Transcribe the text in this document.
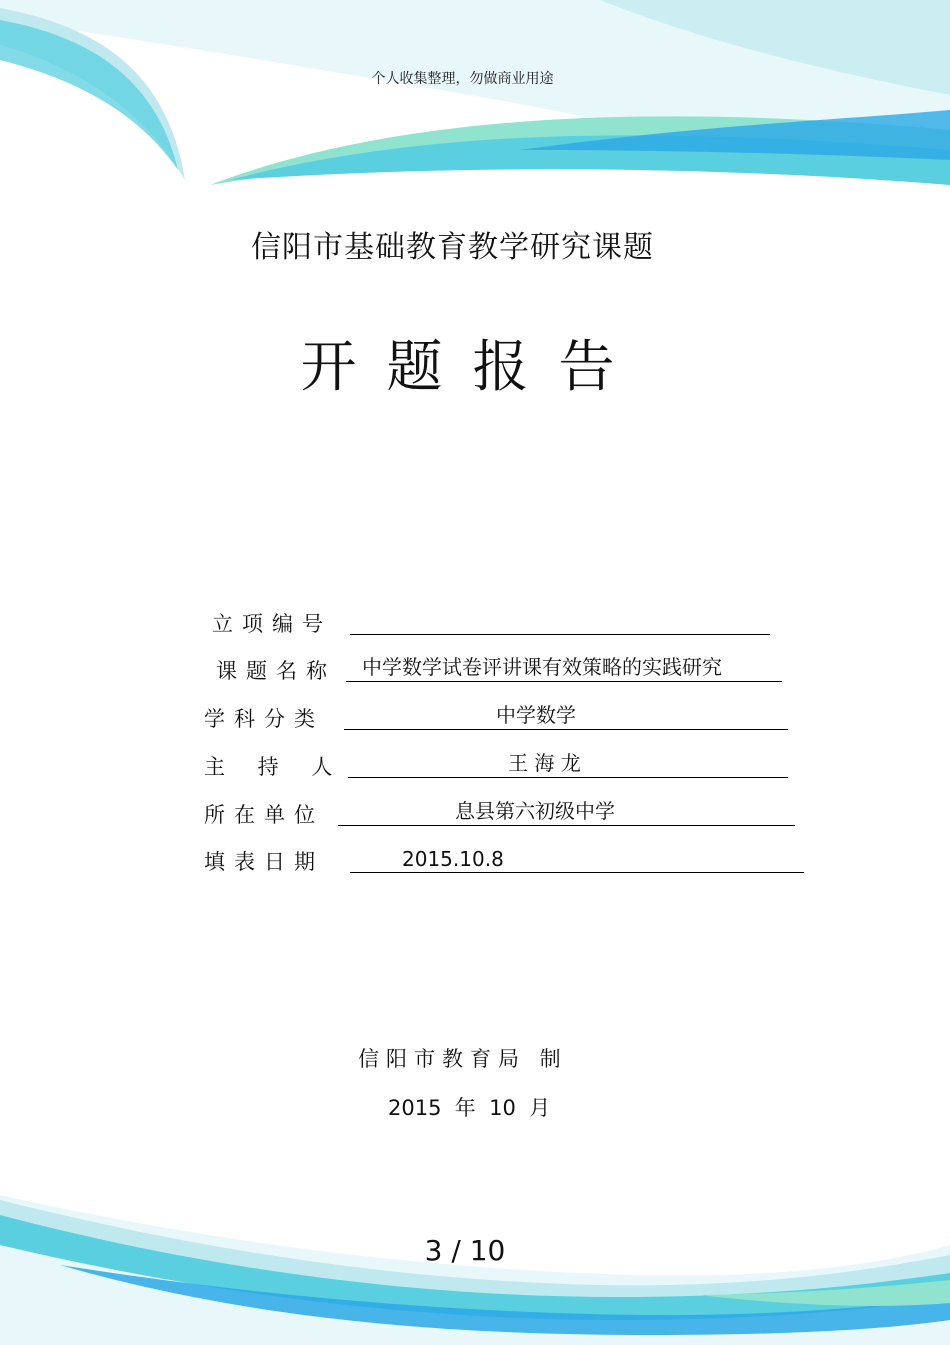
个人收集整理，勿做商业用途
信阳市基础教育教学研究课题
开题报告
立项编号
课题名称 中学数学试卷评讲课有效策略的实践研究
学科分类	中学数学
主 持 人	王 海 龙
所在单位	息县第六初级中学
填表日期	2015.10.8
信阳市教育局 制
2015  年  10  月
3 / 10
